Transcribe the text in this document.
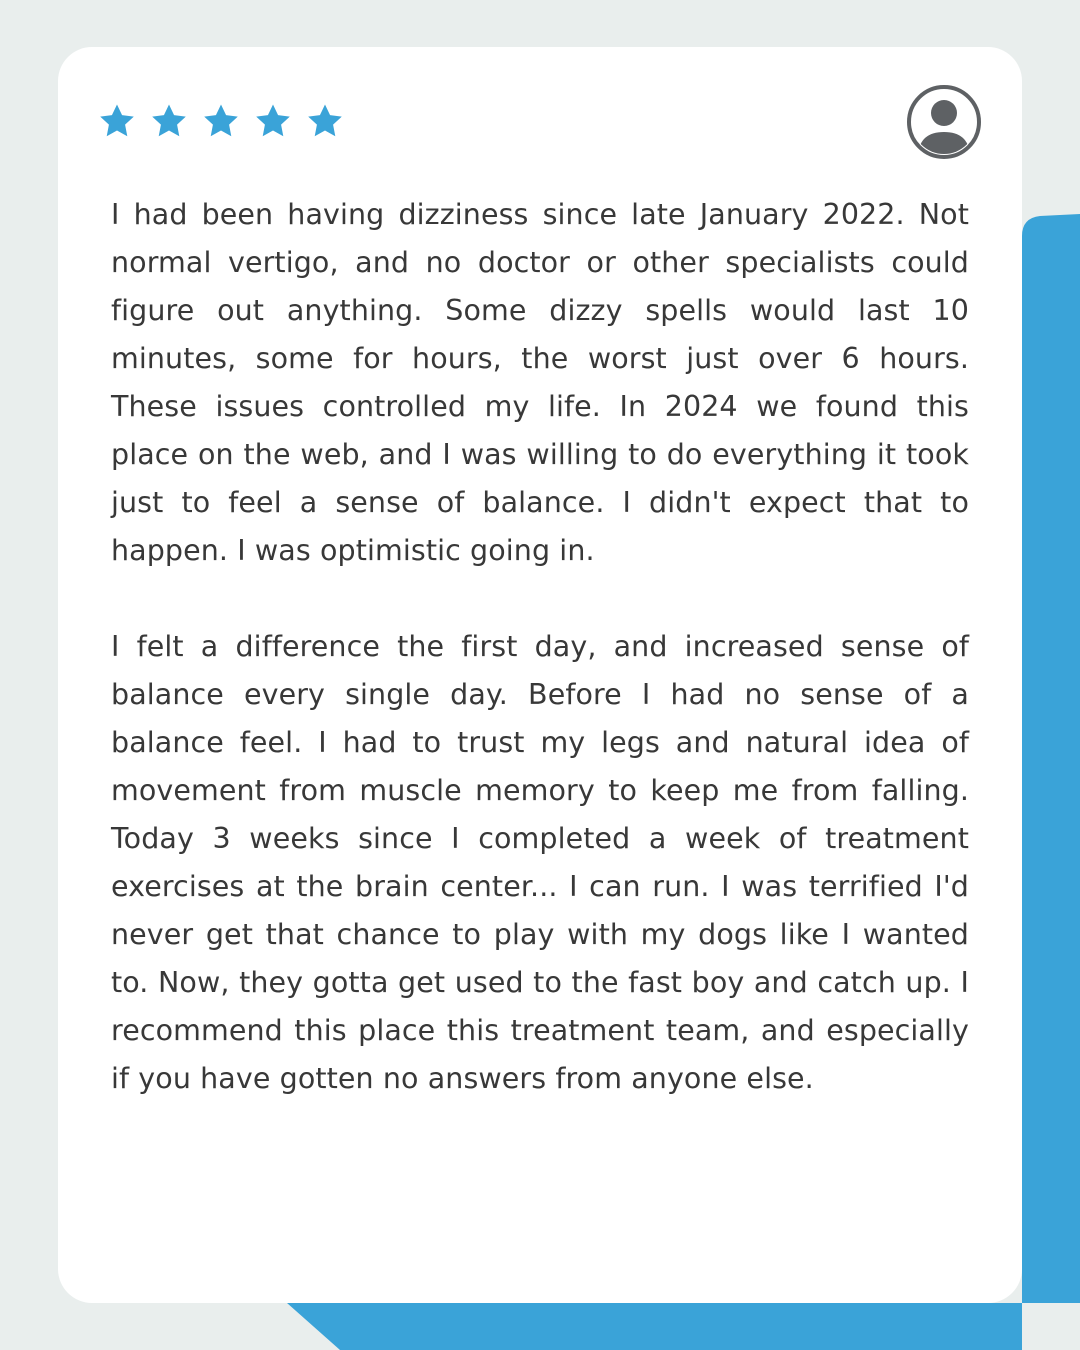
I had been having dizziness since late January 2022. Not normal vertigo, and no doctor or other specialists could figure out anything. Some dizzy spells would last 10 minutes, some for hours, the worst just over 6 hours. These issues controlled my life. In 2024 we found this place on the web, and I was willing to do everything it took just to feel a sense of balance. I didn't expect that to happen. I was optimistic going in.

I felt a difference the first day, and increased sense of balance every single day. Before I had no sense of a balance feel. I had to trust my legs and natural idea of movement from muscle memory to keep me from falling. Today 3 weeks since I completed a week of treatment exercises at the brain center... I can run. I was terrified I'd never get that chance to play with my dogs like I wanted to. Now, they gotta get used to the fast boy and catch up. I recommend this place this treatment team, and especially if you have gotten no answers from anyone else.
